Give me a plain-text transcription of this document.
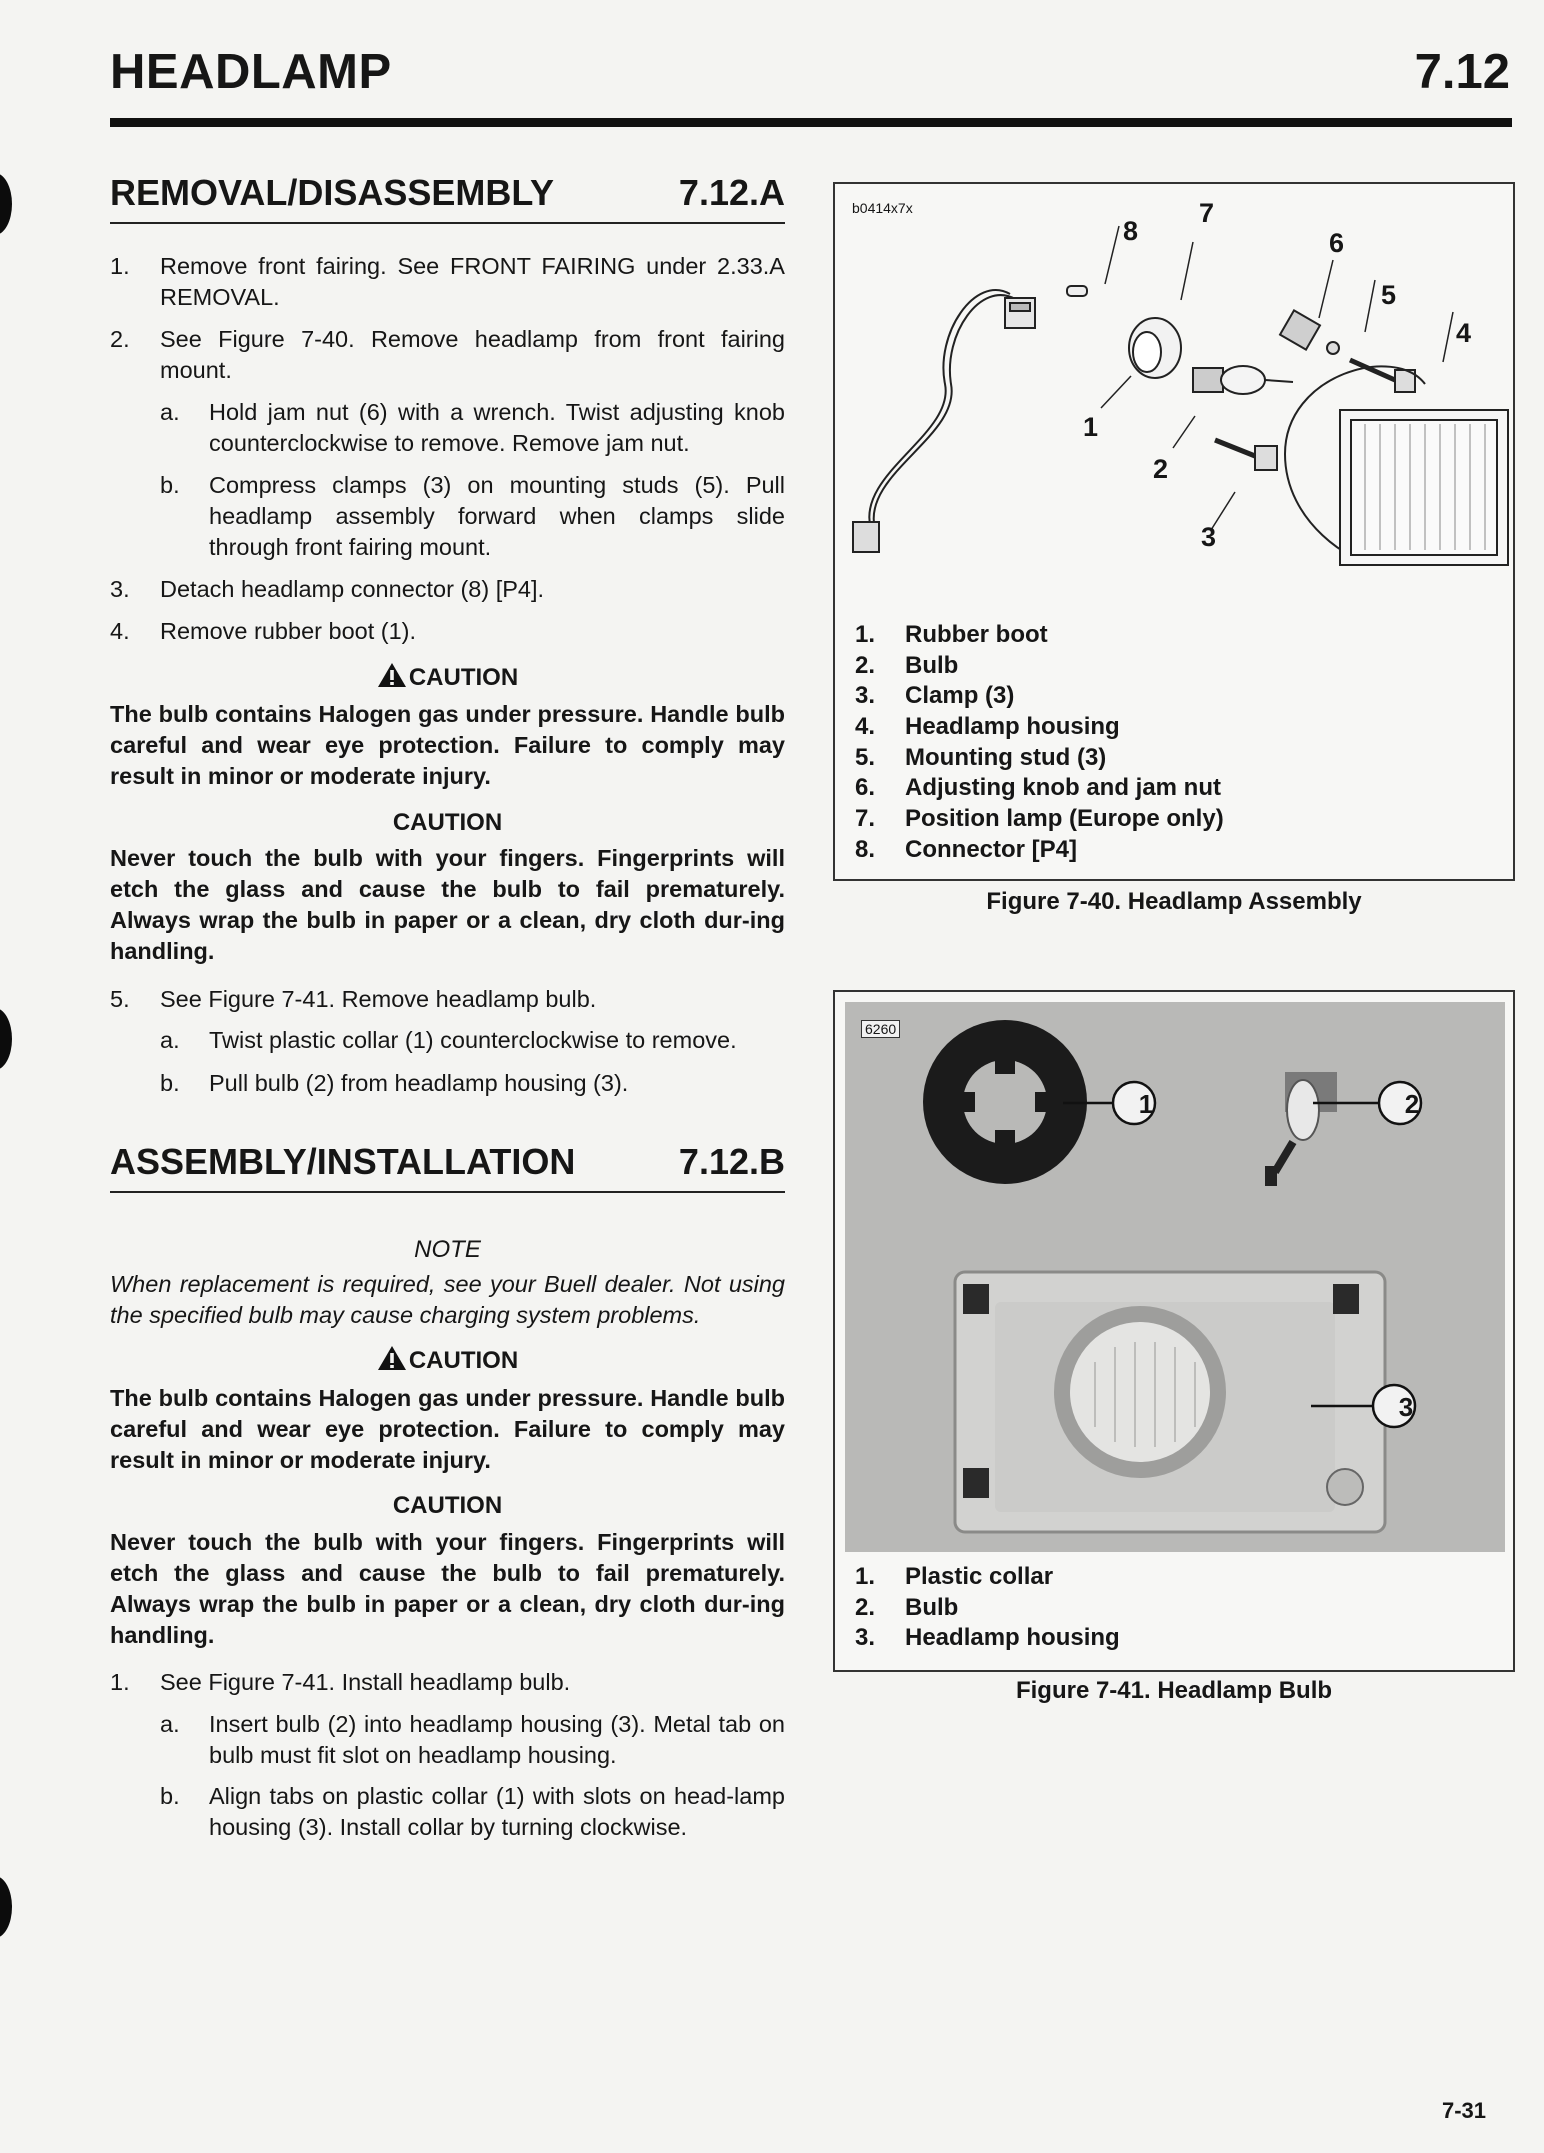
HEADLAMP	7.12
REMOVAL/DISASSEMBLY	7.12.A
1. Remove front fairing. See FRONT FAIRING under 2.33.A REMOVAL.
2. See Figure 7-40. Remove headlamp from front fairing mount.
a. Hold jam nut (6) with a wrench. Twist adjusting knob counterclockwise to remove. Remove jam nut.
b. Compress clamps (3) on mounting studs (5). Pull headlamp assembly forward when clamps slide through front fairing mount.
3. Detach headlamp connector (8) [P4].
4. Remove rubber boot (1).
CAUTION
The bulb contains Halogen gas under pressure. Handle bulb careful and wear eye protection. Failure to comply may result in minor or moderate injury.
CAUTION
Never touch the bulb with your fingers. Fingerprints will etch the glass and cause the bulb to fail prematurely. Always wrap the bulb in paper or a clean, dry cloth dur-ing handling.
5. See Figure 7-41. Remove headlamp bulb.
a. Twist plastic collar (1) counterclockwise to remove.
b. Pull bulb (2) from headlamp housing (3).
ASSEMBLY/INSTALLATION	7.12.B
NOTE
When replacement is required, see your Buell dealer. Not using the specified bulb may cause charging system problems.
CAUTION
The bulb contains Halogen gas under pressure. Handle bulb careful and wear eye protection. Failure to comply may result in minor or moderate injury.
CAUTION
Never touch the bulb with your fingers. Fingerprints will etch the glass and cause the bulb to fail prematurely. Always wrap the bulb in paper or a clean, dry cloth dur-ing handling.
1. See Figure 7-41. Install headlamp bulb.
a. Insert bulb (2) into headlamp housing (3). Metal tab on bulb must fit slot on headlamp housing.
b. Align tabs on plastic collar (1) with slots on head-lamp housing (3). Install collar by turning clockwise.
b0414x7x
8
7
6
5
4
1
2
3
1. Rubber boot
2. Bulb
3. Clamp (3)
4. Headlamp housing
5. Mounting stud (3)
6. Adjusting knob and jam nut
7. Position lamp (Europe only)
8. Connector [P4]
Figure 7-40. Headlamp Assembly
6260
1	2
3
1. Plastic collar
2. Bulb
3. Headlamp housing
Figure 7-41. Headlamp Bulb
7-31
